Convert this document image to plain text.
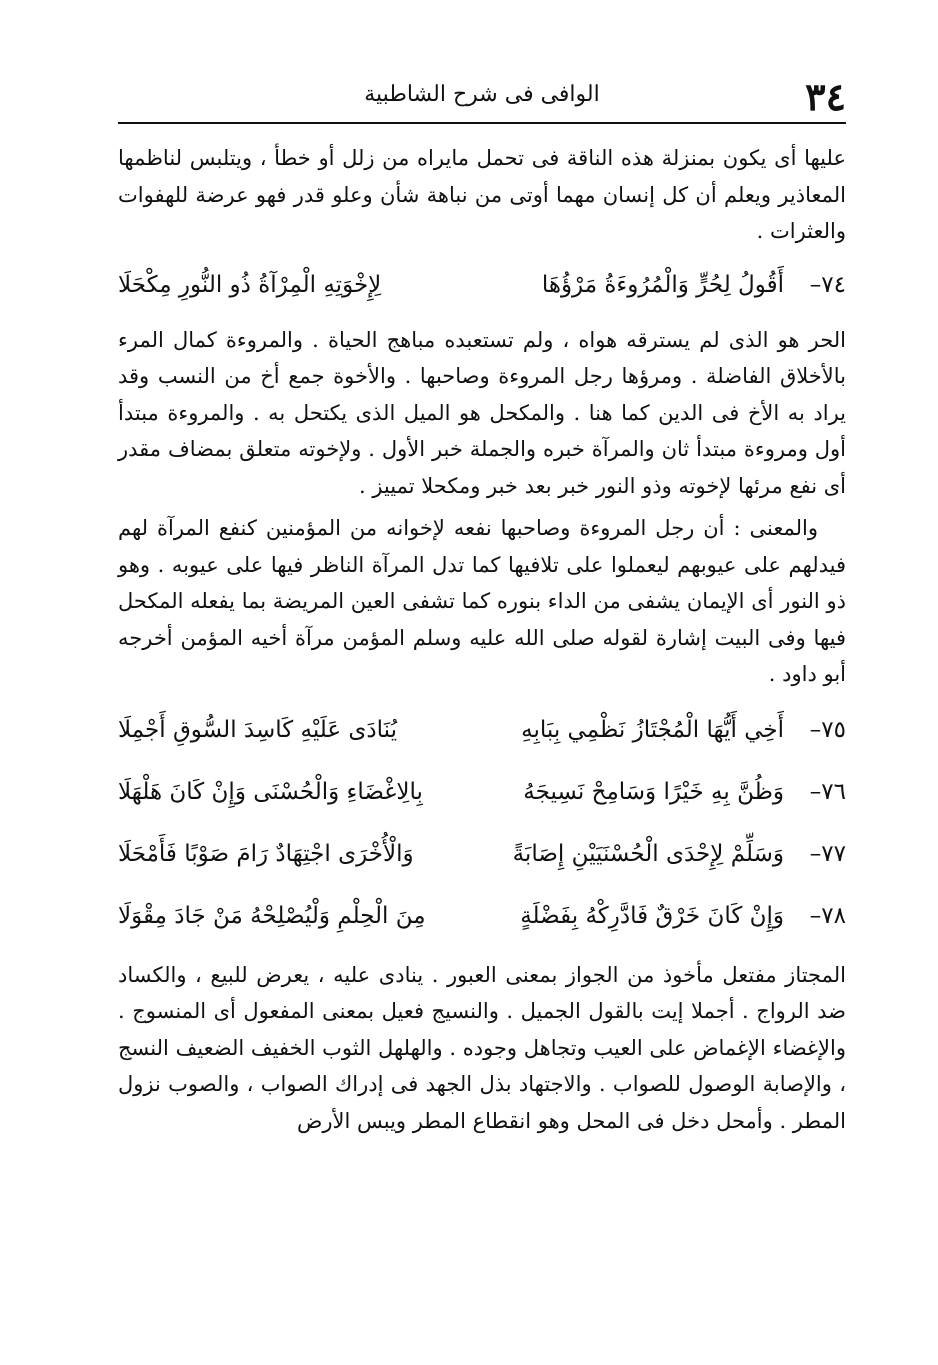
٣٤
الوافى فى شرح الشاطبية

عليها أى يكون بمنزلة هذه الناقة فى تحمل مايراه من زلل أو خطأ ، ويتلبس لناظمها المعاذير ويعلم أن كل إنسان مهما أوتى من نباهة شأن وعلو قدر فهو عرضة للهفوات والعثرات .

٧٤–
أَقُولُ لِحُرٍّ وَالْمُرُوءَةُ مَرْؤُهَا
لِإِخْوَتِهِ الْمِرْآةُ ذُو النُّورِ مِكْحَلَا

الحر هو الذى لم يسترقه هواه ، ولم تستعبده مباهج الحياة . والمروءة كمال المرء بالأخلاق الفاضلة . ومرؤها رجل المروءة وصاحبها . والأخوة جمع أخ من النسب وقد يراد به الأخ فى الدين كما هنا . والمكحل هو الميل الذى يكتحل به . والمروءة مبتدأ أول ومروءة مبتدأ ثان والمرآة خبره والجملة خبر الأول . ولإخوته متعلق بمضاف مقدر أى نفع مرئها لإخوته وذو النور خبر بعد خبر ومكحلا تمييز .

والمعنى : أن رجل المروءة وصاحبها نفعه لإخوانه من المؤمنين كنفع المرآة لهم فيدلهم على عيوبهم ليعملوا على تلافيها كما تدل المرآة الناظر فيها على عيوبه . وهو ذو النور أى الإيمان يشفى من الداء بنوره كما تشفى العين المريضة بما يفعله المكحل فيها وفى البيت إشارة لقوله صلى الله عليه وسلم المؤمن مرآة أخيه المؤمن أخرجه أبو داود .

٧٥–
أَخِي أَيُّهَا الْمُجْتَازُ نَظْمِي بِبَابِهِ
يُنَادَى عَلَيْهِ كَاسِدَ السُّوقِ أَجْمِلَا
٧٦–
وَظُنَّ بِهِ خَيْرًا وَسَامِحْ نَسِيجَهُ
بِالِاغْضَاءِ وَالْحُسْنَى وَإِنْ كَانَ هَلْهَلَا
٧٧–
وَسَلِّمْ لِإِحْدَى الْحُسْنَيَيْنِ إِصَابَةً
وَالْأُخْرَى اجْتِهَادٌ رَامَ صَوْبًا فَأَمْحَلَا
٧٨–
وَإِنْ كَانَ خَرْقٌ فَادَّرِكْهُ بِفَضْلَةٍ
مِنَ الْحِلْمِ وَلْيُصْلِحْهُ مَنْ جَادَ مِقْوَلَا

المجتاز مفتعل مأخوذ من الجواز بمعنى العبور . ينادى عليه ، يعرض للبيع ، والكساد ضد الرواج . أجملا إيت بالقول الجميل . والنسيج فعيل بمعنى المفعول أى المنسوج . والإغضاء الإغماض على العيب وتجاهل وجوده . والهلهل الثوب الخفيف الضعيف النسج ، والإصابة الوصول للصواب . والاجتهاد بذل الجهد فى إدراك الصواب ، والصوب نزول المطر . وأمحل دخل فى المحل وهو انقطاع المطر ويبس الأرض
